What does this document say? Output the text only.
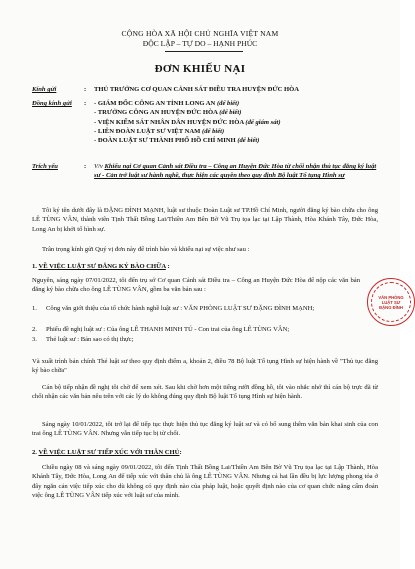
CỘNG HÒA XÃ HỘI CHỦ NGHĨA VIỆT NAM
ĐỘC LẬP – TỰ DO – HẠNH PHÚC
ĐƠN KHIẾU NẠI
Kính gửi	:	THỦ TRƯỞNG CƠ QUAN CẢNH SÁT ĐIỀU TRA HUYỆN ĐỨC HÒA
Đồng kính gửi	:	- GIÁM ĐỐC CÔNG AN TỈNH LONG AN (để biết)
- TRƯỞNG CÔNG AN HUYỆN ĐỨC HÒA (để biết)
- VIỆN KIỂM SÁT NHÂN DÂN HUYỆN ĐỨC HÒA (để giám sát)
- LIÊN ĐOÀN LUẬT SƯ VIỆT NAM (để biết)
- ĐOÀN LUẬT SƯ THÀNH PHỐ HỒ CHÍ MINH (để biết)
Trích yếu	:	V/v Khiếu nại Cơ quan Cảnh sát Điều tra – Công an Huyện Đức Hòa từ chối nhận thủ tục đăng ký luật sư - Cản trở luật sư hành nghề, thực hiện các quyền theo quy định Bộ luật Tố tụng Hình sự
Tôi ký tên dưới đây là ĐẶNG ĐÌNH MẠNH, luật sư thuộc Đoàn Luật sư TP.Hồ Chí Minh, người đăng ký bào chữa cho ông LÊ TÙNG VÂN, thành viên Tịnh Thất Bồng Lai/Thiền Am Bên Bờ Vũ Trụ tọa lạc tại Lập Thành, Hòa Khánh Tây, Đức Hòa, Long An bị khởi tố hình sự.
Trân trọng kính gửi Quý vị đơn này để trình bào và khiếu nại sự việc như sau :
1. VỀ VIỆC LUẬT SƯ ĐĂNG KÝ BÀO CHỮA :
Nguyên, sáng ngày 07/01/2022, tôi đến trụ sở Cơ quan Cảnh sát Điều tra – Công an Huyện Đức Hòa để nộp các văn bản đăng ký bào chữa cho ông LÊ TÙNG VÂN, gồm ba văn bản sau :
1.	Công văn giới thiệu của tổ chức hành nghề luật sư : VĂN PHÒNG LUẬT SƯ ĐẶNG ĐÌNH MẠNH;
2.	Phiếu đề nghị luật sư : Của ông LÊ THANH MINH TÚ - Con trai của ông LÊ TÙNG VÂN;
3.	Thẻ luật sư : Bản sao có thị thực;
Và xuất trình bản chính Thẻ luật sư theo quy định điểm a, khoản 2, điều 78 Bộ luật Tố tụng Hình sự hiện hành về "Thủ tục đăng ký bào chữa"
Cán bộ tiếp nhận đề nghị tôi chờ để xem xét. Sau khi chờ hơn một tiếng rưỡi đồng hồ, tôi vào nhắc nhở thì cán bộ trực đã từ chối nhận các văn bản nêu trên với các lý do không đúng quy định Bộ luật Tố tụng Hình sự hiện hành.
Sáng ngày 10/01/2022, tôi trở lại để tiếp tục thực hiện thủ tục đăng ký luật sư và có bổ sung thêm văn bản khai sinh của con trai ông LÊ TÙNG VÂN. Nhưng vẫn tiếp tục bị từ chối.
2. VỀ VIỆC LUẬT SƯ TIẾP XÚC VỚI THÂN CHỦ:
Chiều ngày 08 và sáng ngày 09/01/2022, tôi đến Tịnh Thất Bồng Lai/Thiền Am Bên Bờ Vũ Trụ tọa lạc tại Lập Thành, Hòa Khánh Tây, Đức Hòa, Long An để tiếp xúc với thân chủ là ông LÊ TÙNG VÂN. Nhưng cả hai lần đều bị lực lượng phong tỏa ở đây ngăn cản việc tiếp xúc cho dù không có quy định nào của pháp luật, hoặc quyết định nào của cơ quan chức năng cấm đoán việc ông LÊ TÙNG VÂN tiếp xúc với luật sư của mình.
VĂN PHÒNG
LUẬT SƯ
ĐẶNG ĐÌNH
